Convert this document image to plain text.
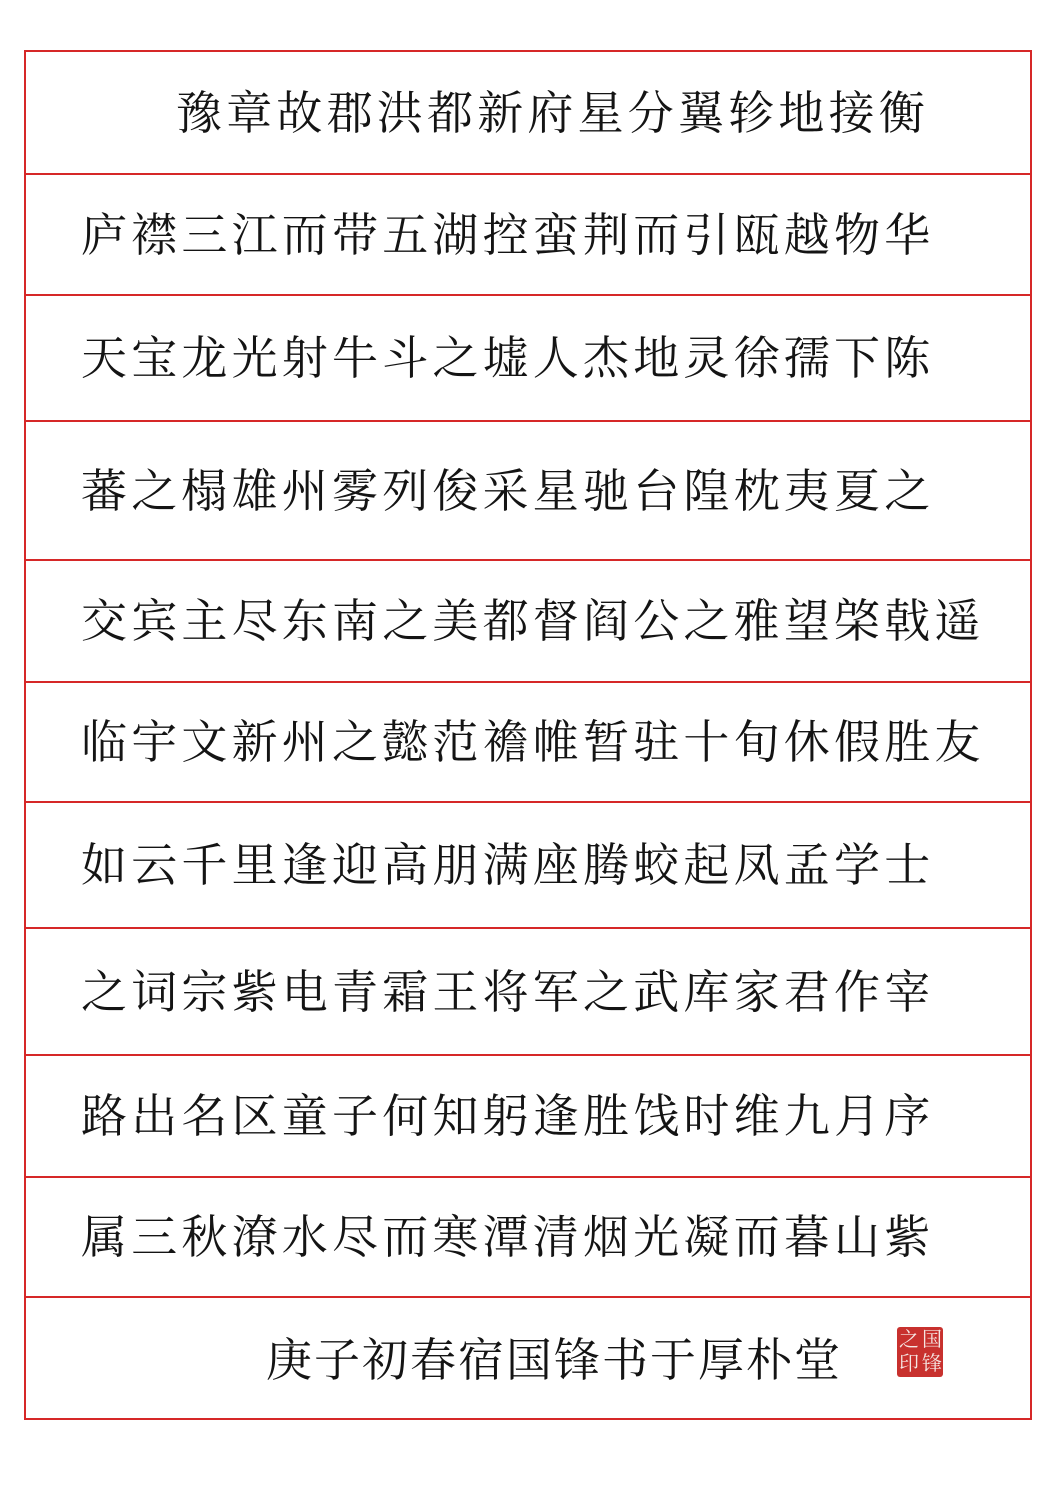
豫章故郡洪都新府星分翼轸地接衡
庐襟三江而带五湖控蛮荆而引瓯越物华
天宝龙光射牛斗之墟人杰地灵徐孺下陈
蕃之榻雄州雾列俊采星驰台隍枕夷夏之
交宾主尽东南之美都督阎公之雅望棨戟遥
临宇文新州之懿范襜帷暂驻十旬休假胜友
如云千里逢迎高朋满座腾蛟起凤孟学士
之词宗紫电青霜王将军之武库家君作宰
路出名区童子何知躬逢胜饯时维九月序
属三秋潦水尽而寒潭清烟光凝而暮山紫
庚子初春宿国锋书于厚朴堂	国
锋
之
印
